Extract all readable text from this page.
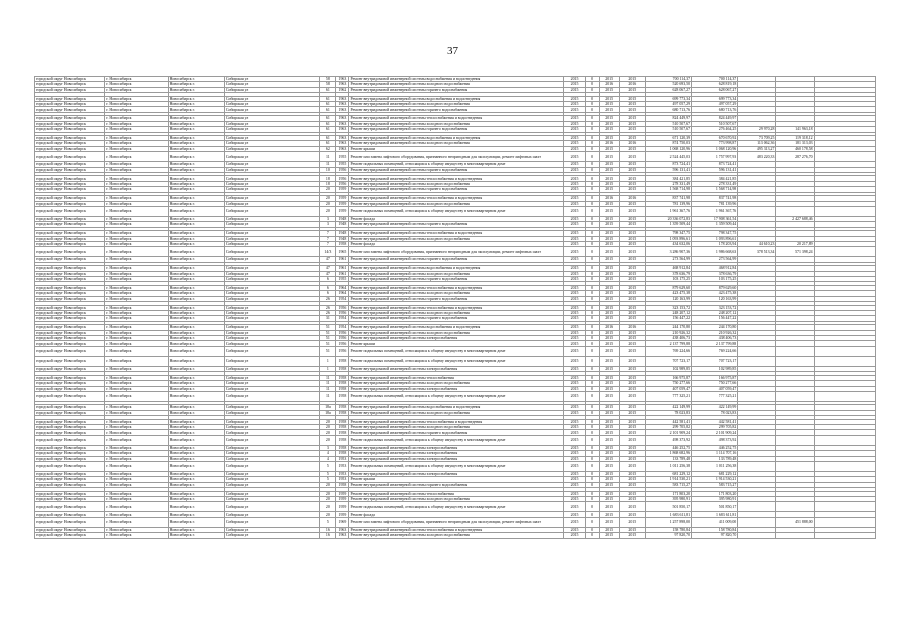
37
городской округ Новосибирск	г. Новосибирск	Новосибирск г.	Сибирская ул	58	1963	Ремонт внутридомовой инженерной системы водоснабжения и водоотведения	2015	0	2015	2015	700 114,37	700 114,37			
городской округ Новосибирск	г. Новосибирск	Новосибирск г.	Сибирская ул	58	1963	Ремонт внутридомовой инженерной системы холодного водоснабжения	2015	0	2016	2016	520 693,50	628 819,18			
городской округ Новосибирск	г. Новосибирск	Новосибирск г.	Сибирская ул	61	1962	Ремонт внутридомовой инженерной системы горячего водоснабжения	2015	0	2015	2015	628 067,27	628 067,27			

городской округ Новосибирск	г. Новосибирск	Новосибирск г.	Сибирская ул	61	1963	Ремонт внутридомовой инженерной системы водоснабжения и водоотведения	2015	0	2015	2015	699 773,34	699 773,34			
городской округ Новосибирск	г. Новосибирск	Новосибирск г.	Сибирская ул	61	1963	Ремонт внутридомовой инженерной системы холодного водоснабжения	2015	0	2015	2015	497 057,29	497 057,29			
городской округ Новосибирск	г. Новосибирск	Новосибирск г.	Сибирская ул	61	1963	Ремонт внутридомовой инженерной системы горячего водоснабжения	2015	0	2015	2015	680 713,76	680 713,76			

городской округ Новосибирск	г. Новосибирск	Новосибирск г.	Сибирская ул	61	1963	Ремонт внутридомовой инженерной системы теплоснабжения и водоотведения	2015	0	2015	2015	824 449,97	824 449,97			
городской округ Новосибирск	г. Новосибирск	Новосибирск г.	Сибирская ул	61	1963	Ремонт внутридомовой инженерной системы холодного водоснабжения	2015	0	2015	2015	510 507,67	510 507,67			
городской округ Новосибирск	г. Новосибирск	Новосибирск г.	Сибирская ул	61	1963	Ремонт внутридомовой инженерной системы горячего водоснабжения	2015	0	2015	2015	510 507,67	276 464,25	29 970,28	141 963,18	

городской округ Новосибирск	г. Новосибирск	Новосибирск г.	Сибирская ул	61	1963	Ремонт внутридомовой инженерной системы водоснабжения и водоотведения	2015	0	2015	2015	671 120,39	670 670,92	73 709,25	119 318,12	
городской округ Новосибирск	г. Новосибирск	Новосибирск г.	Сибирская ул	61	1963	Ремонт внутридомовой инженерной системы холодного водоснабжения	2015	0	2016	2016	874 750,03	773 998,87	113 062,36	181 313,03	
городской округ Новосибирск	г. Новосибирск	Новосибирск г.	Сибирская ул	62	1963	Ремонт крыши	2015	0	2015	2015	1 068 120,96	1 068 120,96	495 313,27	460 178,58	
городской округ Новосибирск	г. Новосибирск	Новосибирск г.	Сибирская ул	11	1955	Ремонт или замена лифтового оборудования, признанного непригодным для эксплуатации, ремонт лифтовых шахт	2015	0	2015	2015	2 524 445,03	1 757 997,93	483 220,33	287 276,70	
городской округ Новосибирск	г. Новосибирск	Новосибирск г.	Сибирская ул	11	1955	Ремонт подвальных помещений, относящихся к общему имуществу в многоквартирном доме	2015	0	2015	2015	873 724,41	873 724,41			
городской округ Новосибирск	г. Новосибирск	Новосибирск г.	Сибирская ул	10	1956	Ремонт внутридомовой инженерной системы горячего водоснабжения	2015	0	2015	2015	596 131,41	596 131,41			

городской округ Новосибирск	г. Новосибирск	Новосибирск г.	Сибирская ул	18	1956	Ремонт внутридомовой инженерной системы теплоснабжения и водоотведения	2015	0	2015	2015	384 421,85	384 421,85			
городской округ Новосибирск	г. Новосибирск	Новосибирск г.	Сибирская ул	18	1956	Ремонт внутридомовой инженерной системы холодного водоснабжения	2015	0	2015	2015	278 331,49	278 331,49			
городской округ Новосибирск	г. Новосибирск	Новосибирск г.	Сибирская ул	20	1959	Ремонт внутридомовой инженерной системы горячего водоснабжения	2015	0	2015	2015	1 568 714,98	1 568 714,98			

городской округ Новосибирск	г. Новосибирск	Новосибирск г.	Сибирская ул	20	1959	Ремонт внутридомовой инженерной системы теплоснабжения и водоотведения	2015	0	2016	2016	837 741,98	837 741,98			
городской округ Новосибирск	г. Новосибирск	Новосибирск г.	Сибирская ул	20	1959	Ремонт внутридомовой инженерной системы холодного водоснабжения	2015	0	2015	2015	781 139,96	781 139,96			
городской округ Новосибирск	г. Новосибирск	Новосибирск г.	Сибирская ул	20	1959	Ремонт подвальных помещений, относящихся к общему имуществу в многоквартирном доме	2015	0	2015	2015	1 961 367,76	1 961 367,76			
городской округ Новосибирск	г. Новосибирск	Новосибирск г.	Сибирская ул	3	1948	Ремонт фасада	2015	0	2015	2015	20 336 072,83	17 908 361,54		2 427 688,46	
городской округ Новосибирск	г. Новосибирск	Новосибирск г.	Сибирская ул	3	1948	Ремонт внутридомовой инженерной системы горячего водоснабжения	2015	0	2015	2015	1 359 509,44	1 359 509,44			

городской округ Новосибирск	г. Новосибирск	Новосибирск г.	Сибирская ул	7	1948	Ремонт внутридомовой инженерной системы теплоснабжения и водоотведения	2015	0	2015	2015	798 347,75	798 347,75			
городской округ Новосибирск	г. Новосибирск	Новосибирск г.	Сибирская ул	7	1948	Ремонт внутридомовой инженерной системы холодного водоснабжения	2015	0	2015	2015	1 093 896,61	1 093 896,61			
городской округ Новосибирск	г. Новосибирск	Новосибирск г.	Сибирская ул	7	1958	Ремонт фасада	2015	0	2015	2015	434 632,06	178 203,94	44 610,23	20 217,89	
городской округ Новосибирск	г. Новосибирск	Новосибирск г.	Сибирская ул	14/3	1965	Ремонт или замена лифтового оборудования, признанного непригодным для эксплуатации, ремонт лифтовых шахт	2015	0	2015	2015	3 286 907,36	1 986 668,63	378 513,34	571 398,24	
городской округ Новосибирск	г. Новосибирск	Новосибирск г.	Сибирская ул	47	1961	Ремонт внутридомовой инженерной системы горячего водоснабжения	2015	0	2015	2015	273 564,99	273 564,99			

городской округ Новосибирск	г. Новосибирск	Новосибирск г.	Сибирская ул	47	1961	Ремонт внутридомовой инженерной системы водоснабжения и водоотведения	2015	0	2015	2015	468 912,84	468 912,84			
городской округ Новосибирск	г. Новосибирск	Новосибирск г.	Сибирская ул	47	1961	Ремонт внутридомовой инженерной системы холодного водоснабжения	2015	0	2015	2015	378 636,79	378 636,79			
городской округ Новосибирск	г. Новосибирск	Новосибирск г.	Сибирская ул	6	1955	Ремонт внутридомовой инженерной системы горячего водоснабжения	2015	0	2015	2015	103 175,25	103 175,25			

городской округ Новосибирск	г. Новосибирск	Новосибирск г.	Сибирская ул	6	1964	Ремонт внутридомовой инженерной системы теплоснабжения и водоотведения	2015	0	2015	2015	879 629,60	879 629,60			
городской округ Новосибирск	г. Новосибирск	Новосибирск г.	Сибирская ул	6	1964	Ремонт внутридомовой инженерной системы холодного водоснабжения	2015	0	2015	2015	423 475,38	423 475,38			
городской округ Новосибирск	г. Новосибирск	Новосибирск г.	Сибирская ул	26	1954	Ремонт внутридомовой инженерной системы горячего водоснабжения	2015	0	2015	2015	120 163,99	120 163,99			

городской округ Новосибирск	г. Новосибирск	Новосибирск г.	Сибирская ул	26	1956	Ремонт внутридомовой инженерной системы теплоснабжения и водоотведения	2015	0	2015	2015	323 153,72	323 153,72			
городской округ Новосибирск	г. Новосибирск	Новосибирск г.	Сибирская ул	26	1956	Ремонт внутридомовой инженерной системы холодного водоснабжения	2015	0	2015	2015	248 207,12	248 207,12			
городской округ Новосибирск	г. Новосибирск	Новосибирск г.	Сибирская ул	31	1954	Ремонт внутридомовой инженерной системы горячего водоснабжения	2015	0	2015	2015	156 447,22	156 447,22			

городской округ Новосибирск	г. Новосибирск	Новосибирск г.	Сибирская ул	51	1954	Ремонт внутридомовой инженерной системы водоснабжения и водоотведения	2015	0	2016	2016	244 170,80	244 170,80			
городской округ Новосибирск	г. Новосибирск	Новосибирск г.	Сибирская ул	51	1956	Ремонт внутридомовой инженерной системы холодного водоснабжения	2015	0	2015	2015	210 926,32	210 926,32			
городской округ Новосибирск	г. Новосибирск	Новосибирск г.	Сибирская ул	51	1956	Ремонт внутридомовой инженерной системы электроснабжения	2015	0	2015	2015	438 406,73	438 406,73			
городской округ Новосибирск	г. Новосибирск	Новосибирск г.	Сибирская ул	51	1956	Ремонт крыши	2015	0	2015	2015	2 137 799,88	2 137 799,88			
городской округ Новосибирск	г. Новосибирск	Новосибирск г.	Сибирская ул	51	1956	Ремонт подвальных помещений, относящихся к общему имуществу в многоквартирном доме	2015	0	2015	2015	769 224,66	769 224,66			
городской округ Новосибирск	г. Новосибирск	Новосибирск г.	Сибирская ул	1	1958	Ремонт подвальных помещений, относящихся к общему имуществу в многоквартирном доме	2015	0	2015	2015	707 723,17	707 723,17			
городской округ Новосибирск	г. Новосибирск	Новосибирск г.	Сибирская ул	1	1958	Ремонт внутридомовой инженерной системы электроснабжения	2015	0	2015	2015	102 989,85	102 989,85			

городской округ Новосибирск	г. Новосибирск	Новосибирск г.	Сибирская ул	11	1958	Ремонт внутридомовой инженерной системы теплоснабжения	2015	0	2015	2015	166 975,87	166 975,87			
городской округ Новосибирск	г. Новосибирск	Новосибирск г.	Сибирская ул	11	1958	Ремонт внутридомовой инженерной системы холодного водоснабжения	2015	0	2015	2015	750 277,66	750 277,66			
городской округ Новосибирск	г. Новосибирск	Новосибирск г.	Сибирская ул	11	1958	Ремонт внутридомовой инженерной системы электроснабжения	2015	0	2015	2015	407 059,47	407 059,47			
городской округ Новосибирск	г. Новосибирск	Новосибирск г.	Сибирская ул	11	1958	Ремонт подвальных помещений, относящихся к общему имуществу в многоквартирном доме	2015	0	2015	2015	777 325,21	777 325,21			

городской округ Новосибирск	г. Новосибирск	Новосибирск г.	Сибирская ул	18а	1958	Ремонт внутридомовой инженерной системы водоснабжения и водоотведения	2015	0	2015	2015	422 149,99	422 149,99			
городской округ Новосибирск	г. Новосибирск	Новосибирск г.	Сибирская ул	18а	1958	Ремонт внутридомовой инженерной системы холодного водоснабжения	2015	0	2015	2015	78 023,83	78 023,83			

городской округ Новосибирск	г. Новосибирск	Новосибирск г.	Сибирская ул	20	1958	Ремонт внутридомовой инженерной системы теплоснабжения и водоотведения	2015	0	2015	2015	442 581,41	442 581,41			
городской округ Новосибирск	г. Новосибирск	Новосибирск г.	Сибирская ул	20	1958	Ремонт внутридомовой инженерной системы холодного водоснабжения	2015	0	2015	2015	299 705,82	299 705,82			
городской округ Новосибирск	г. Новосибирск	Новосибирск г.	Сибирская ул	20	1958	Ремонт внутридомовой инженерной системы горячего водоснабжения	2015	0	2015	2015	2 101 909,24	2 101 909,24			
городской округ Новосибирск	г. Новосибирск	Новосибирск г.	Сибирская ул	20	1958	Ремонт подвальных помещений, относящихся к общему имуществу в многоквартирном доме	2015	0	2015	2015	498 373,92	498 373,92			
городской округ Новосибирск	г. Новосибирск	Новосибирск г.	Сибирская ул	3	1958	Ремонт внутридомовой инженерной системы электроснабжения	2015	0	2015	2015	446 252,75	446 252,75			
городской округ Новосибирск	г. Новосибирск	Новосибирск г.	Сибирская ул	4	1958	Ремонт внутридомовой инженерной системы электроснабжения	2015	0	2015	2015	1 868 682,96	1 114 707,16			
городской округ Новосибирск	г. Новосибирск	Новосибирск г.	Сибирская ул	4	1953	Ремонт внутридомовой инженерной системы электроснабжения	2015	0	2015	2015	133 789,48	133 789,48			
городской округ Новосибирск	г. Новосибирск	Новосибирск г.	Сибирская ул	5	1953	Ремонт подвальных помещений, относящихся к общему имуществу в многоквартирном доме	2015	0	2015	2015	1 011 256,38	1 011 256,38			
городской округ Новосибирск	г. Новосибирск	Новосибирск г.	Сибирская ул	5	1953	Ремонт внутридомовой инженерной системы электроснабжения	2015	0	2015	2015	681 229,12	681 229,12			
городской округ Новосибирск	г. Новосибирск	Новосибирск г.	Сибирская ул	5	1953	Ремонт крыши	2015	0	2015	2015	1 914 530,21	1 914 530,21			
городской округ Новосибирск	г. Новосибирск	Новосибирск г.	Сибирская ул	20	1958	Ремонт внутридомовой инженерной системы горячего водоснабжения	2015	0	2015	2015	583 715,27	583 715,27			

городской округ Новосибирск	г. Новосибирск	Новосибирск г.	Сибирская ул	20	1959	Ремонт внутридомовой инженерной системы теплоснабжения	2015	0	2015	2015	171 803,20	171 803,20			
городской округ Новосибирск	г. Новосибирск	Новосибирск г.	Сибирская ул	20	1959	Ремонт внутридомовой инженерной системы холодного водоснабжения	2015	0	2015	2015	395 980,91	395 980,91			
городской округ Новосибирск	г. Новосибирск	Новосибирск г.	Сибирская ул	20	1959	Ремонт подвальных помещений, относящихся к общему имуществу в многоквартирном доме	2015	0	2015	2015	501 850,17	501 850,17			
городской округ Новосибирск	г. Новосибирск	Новосибирск г.	Сибирская ул	20	1959	Ремонт фасада	2015	0	2015	2015	1 683 611,81	1 683 611,81			
городской округ Новосибирск	г. Новосибирск	Новосибирск г.	Сибирская ул	5	1969	Ремонт или замена лифтового оборудования, признанного непригодным для эксплуатации, ремонт лифтовых шахт	2015	0	2015	2015	1 257 898,00	411 009,00		451 888,00	
городской округ Новосибирск	г. Новосибирск	Новосибирск г.	Сибирская ул	16	1963	Ремонт внутридомовой инженерной системы теплоснабжения и водоотведения	2015	0	2015	2015	158 780,84	158 780,84			
городской округ Новосибирск	г. Новосибирск	Новосибирск г.	Сибирская ул	16	1963	Ремонт внутридомовой инженерной системы холодного водоснабжения	2015	0	2015	2015	97 820,70	97 820,70			
